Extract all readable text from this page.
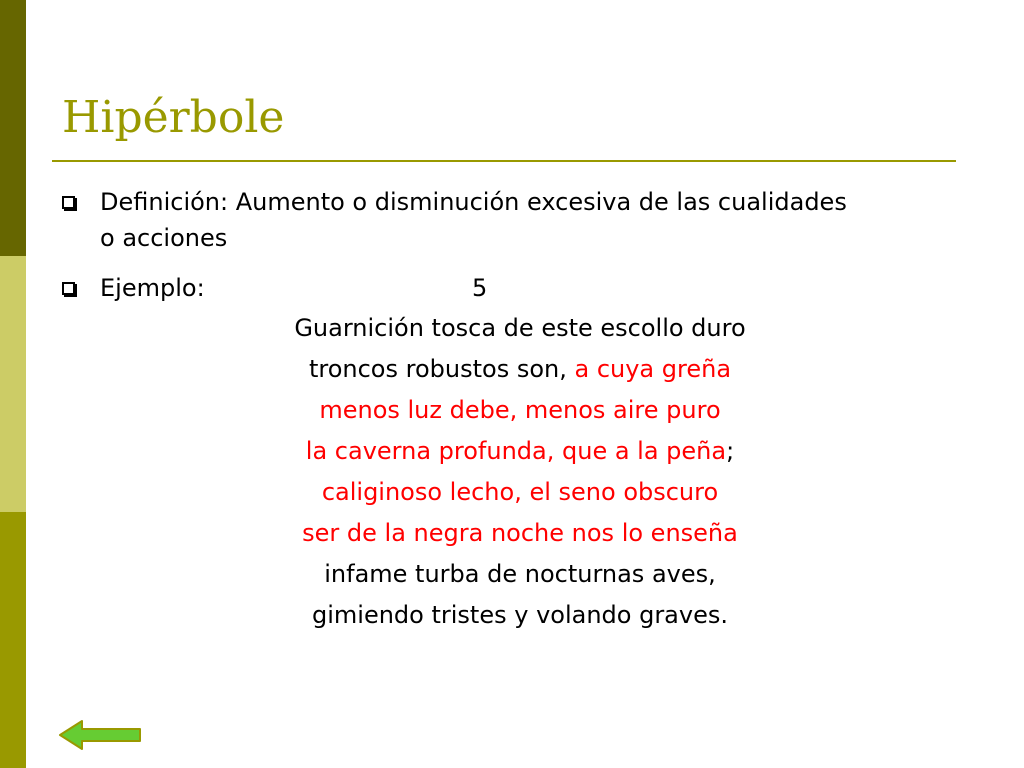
Hipérbole
Definición: Aumento o disminución excesiva de las cualidades o acciones
Ejemplo:	5
Guarnición tosca de este escollo duro
troncos robustos son, a cuya greña
menos luz debe, menos aire puro
la caverna profunda, que a la peña;
caliginoso lecho, el seno obscuro
ser de la negra noche nos lo enseña
infame turba de nocturnas aves,
gimiendo tristes y volando graves.
